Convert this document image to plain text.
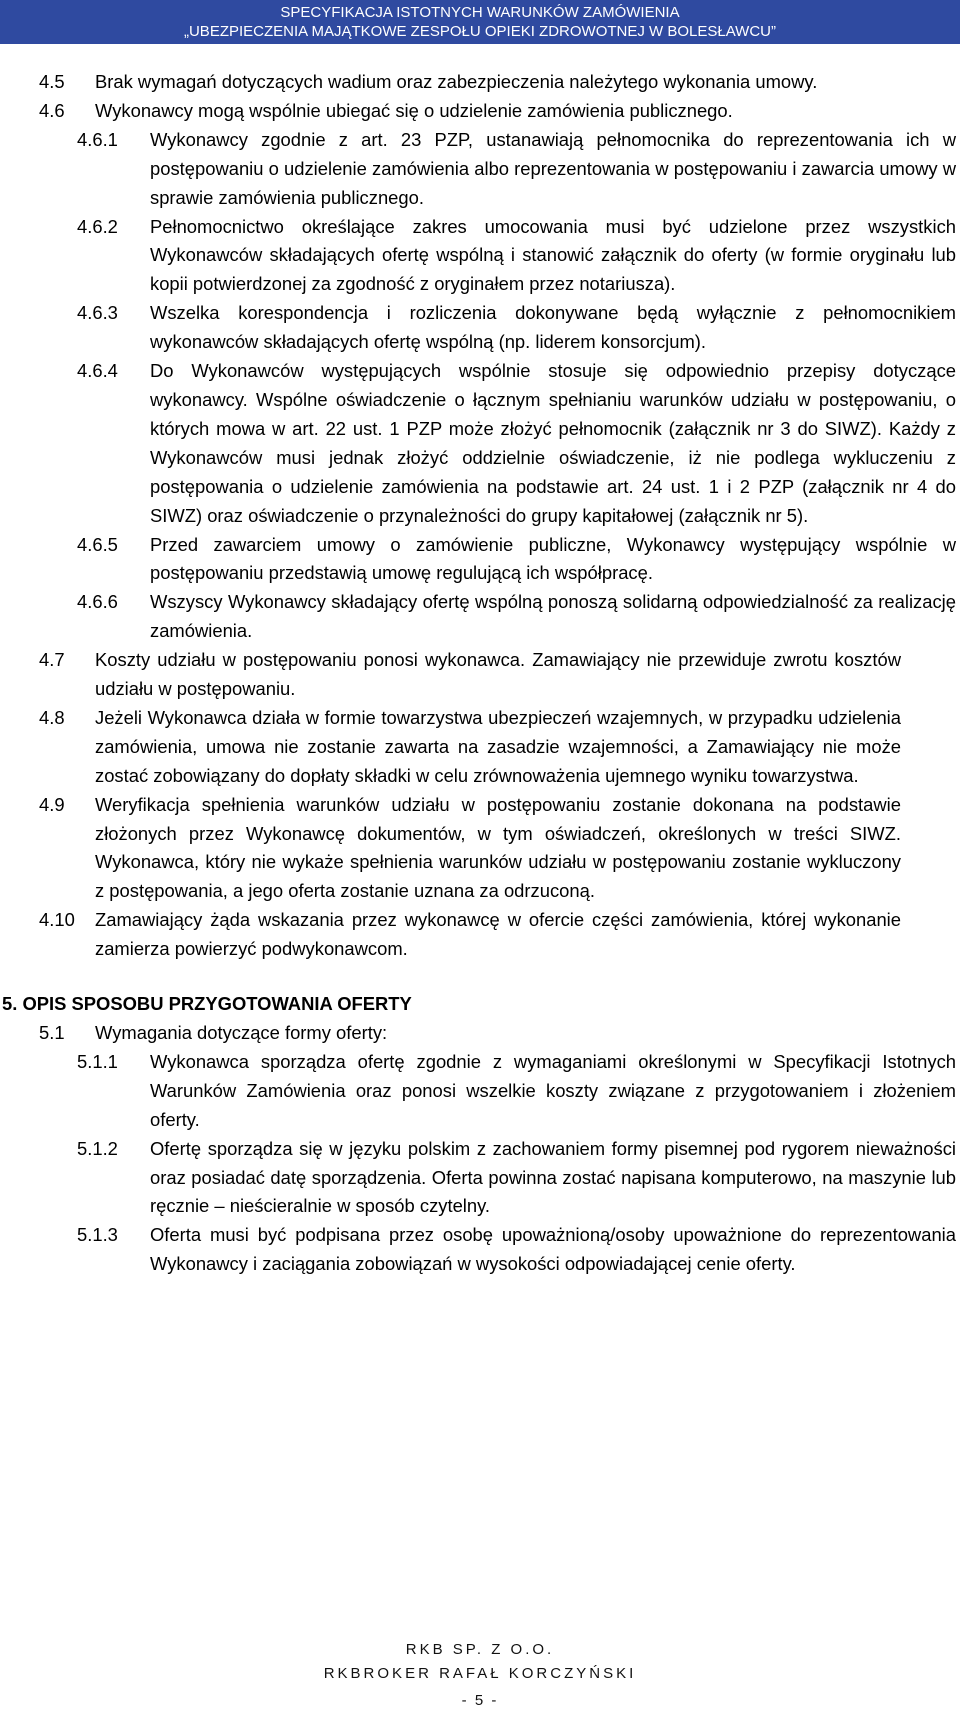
SPECYFIKACJA ISTOTNYCH WARUNKÓW ZAMÓWIENIA
„UBEZPIECZENIA MAJĄTKOWE ZESPOŁU OPIEKI ZDROWOTNEJ W BOLESŁAWCU”
4.5 Brak wymagań dotyczących wadium oraz zabezpieczenia należytego wykonania umowy.
4.6 Wykonawcy mogą wspólnie ubiegać się o udzielenie zamówienia publicznego.
4.6.1 Wykonawcy zgodnie z art. 23 PZP, ustanawiają pełnomocnika do reprezentowania ich w postępowaniu o udzielenie zamówienia albo reprezentowania w postępowaniu i zawarcia umowy w sprawie zamówienia publicznego.
4.6.2 Pełnomocnictwo określające zakres umocowania musi być udzielone przez wszystkich Wykonawców składających ofertę wspólną i stanowić załącznik do oferty (w formie oryginału lub kopii potwierdzonej za zgodność z oryginałem przez notariusza).
4.6.3 Wszelka korespondencja i rozliczenia dokonywane będą wyłącznie z pełnomocnikiem wykonawców składających ofertę wspólną (np. liderem konsorcjum).
4.6.4 Do Wykonawców występujących wspólnie stosuje się odpowiednio przepisy dotyczące wykonawcy. Wspólne oświadczenie o łącznym spełnianiu warunków udziału w postępowaniu, o których mowa w art. 22 ust. 1 PZP może złożyć pełnomocnik (załącznik nr 3 do SIWZ). Każdy z Wykonawców musi jednak złożyć oddzielnie oświadczenie, iż nie podlega wykluczeniu z postępowania o udzielenie zamówienia na podstawie art. 24 ust. 1 i 2 PZP (załącznik nr 4 do SIWZ) oraz oświadczenie o przynależności do grupy kapitałowej (załącznik nr 5).
4.6.5 Przed zawarciem umowy o zamówienie publiczne, Wykonawcy występujący wspólnie w postępowaniu przedstawią umowę regulującą ich współpracę.
4.6.6 Wszyscy Wykonawcy składający ofertę wspólną ponoszą solidarną odpowiedzialność za realizację zamówienia.
4.7 Koszty udziału w postępowaniu ponosi wykonawca. Zamawiający nie przewiduje zwrotu kosztów udziału w postępowaniu.
4.8 Jeżeli Wykonawca działa w formie towarzystwa ubezpieczeń wzajemnych, w przypadku udzielenia zamówienia, umowa nie zostanie zawarta na zasadzie wzajemności, a Zamawiający nie może zostać zobowiązany do dopłaty składki w celu zrównoważenia ujemnego wyniku towarzystwa.
4.9 Weryfikacja spełnienia warunków udziału w postępowaniu zostanie dokonana na podstawie złożonych przez Wykonawcę dokumentów, w tym oświadczeń, określonych w treści SIWZ. Wykonawca, który nie wykaże spełnienia warunków udziału w postępowaniu zostanie wykluczony z postępowania, a jego oferta zostanie uznana za odrzuconą.
4.10 Zamawiający żąda wskazania przez wykonawcę w ofercie części zamówienia, której wykonanie zamierza powierzyć podwykonawcom.
5. OPIS SPOSOBU PRZYGOTOWANIA OFERTY
5.1 Wymagania dotyczące formy oferty:
5.1.1 Wykonawca sporządza ofertę zgodnie z wymaganiami określonymi w Specyfikacji Istotnych Warunków Zamówienia oraz ponosi wszelkie koszty związane z przygotowaniem i złożeniem oferty.
5.1.2 Ofertę sporządza się w języku polskim z zachowaniem formy pisemnej pod rygorem nieważności oraz posiadać datę sporządzenia. Oferta powinna zostać napisana komputerowo, na maszynie lub ręcznie – nieścieralnie w sposób czytelny.
5.1.3 Oferta musi być podpisana przez osobę upoważnioną/osoby upoważnione do reprezentowania Wykonawcy i zaciągania zobowiązań w wysokości odpowiadającej cenie oferty.
RKB SP. Z O.O.
RKBROKER RAFAŁ KORCZYŃSKI
- 5 -
